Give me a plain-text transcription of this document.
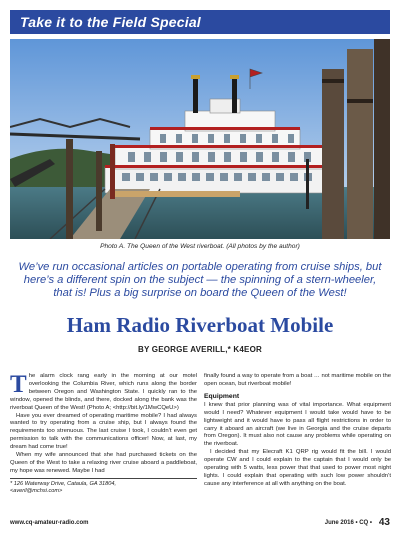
Take it to the Field Special
Photo A. The Queen of the West riverboat. (All photos by the author)
We’ve run occasional articles on portable operating from cruise ships, but here’s a different spin on the subject — the spinning of a stern-wheeler, that is! Plus a big surprise on board the Queen of the West!
Ham Radio Riverboat Mobile
BY GEORGE AVERILL,* K4EOR

The alarm clock rang early in the morning at our motel overlooking the Columbia River, which runs along the border between Oregon and Washington State. I quickly ran to the window, opened the blinds, and there, docked along the bank was the riverboat Queen of the West! (Photo A; <http://bit.ly/1MwCQeU>)

Have you ever dreamed of operating maritime mobile? I had always wanted to try operating from a cruise ship, but I always found the requirements too strenuous. The last cruise I took, I couldn’t even get permission to talk with the communications officer! Now, at last, my dream had come true!

When my wife announced that she had purchased tickets on the Queen of the West to take a relaxing river cruise aboard a paddleboat, my hope was renewed. Maybe I had

* 126 Waterway Drive, Cataula, GA 31804,
<averil@mchsi.com>

finally found a way to operate from a boat … not maritime mobile on the open ocean, but riverboat mobile!

Equipment

I knew that prior planning was of vital importance. What equipment would I need? Whatever equipment I would take would have to be lightweight and it would have to pass all flight restrictions in order to carry it aboard an aircraft (we live in Georgia and the cruise departs from Oregon). It must also not cause any problems while operating on the riverboat.

I decided that my Elecraft K1 QRP rig would fit the bill. I would operate CW and I could explain to the captain that I would only be operating with 5 watts, less power that that used to power most night lights. I could explain that operating with such low power shouldn’t cause any interference at all with anything on the boat.

www.cq-amateur-radio.com	June 2016 • CQ • 43
